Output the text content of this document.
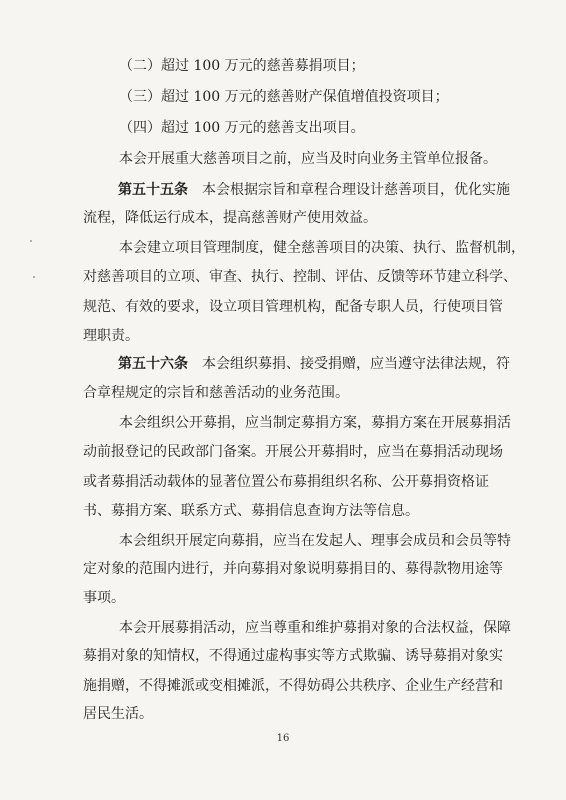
（二）超过 100 万元的慈善募捐项目；
（三）超过 100 万元的慈善财产保值增值投资项目；
（四）超过 100 万元的慈善支出项目。
本会开展重大慈善项目之前，应当及时向业务主管单位报备。
第五十五条  本会根据宗旨和章程合理设计慈善项目，优化实施
流程，降低运行成本，提高慈善财产使用效益。
本会建立项目管理制度，健全慈善项目的决策、执行、监督机制，
对慈善项目的立项、审查、执行、控制、评估、反馈等环节建立科学、
规范、有效的要求，设立项目管理机构，配备专职人员，行使项目管
理职责。
第五十六条  本会组织募捐、接受捐赠，应当遵守法律法规，符
合章程规定的宗旨和慈善活动的业务范围。
本会组织公开募捐，应当制定募捐方案，募捐方案在开展募捐活
动前报登记的民政部门备案。开展公开募捐时，应当在募捐活动现场
或者募捐活动载体的显著位置公布募捐组织名称、公开募捐资格证
书、募捐方案、联系方式、募捐信息查询方法等信息。
本会组织开展定向募捐，应当在发起人、理事会成员和会员等特
定对象的范围内进行，并向募捐对象说明募捐目的、募得款物用途等
事项。
本会开展募捐活动，应当尊重和维护募捐对象的合法权益，保障
募捐对象的知情权，不得通过虚构事实等方式欺骗、诱导募捐对象实
施捐赠，不得摊派或变相摊派，不得妨碍公共秩序、企业生产经营和
居民生活。
16
